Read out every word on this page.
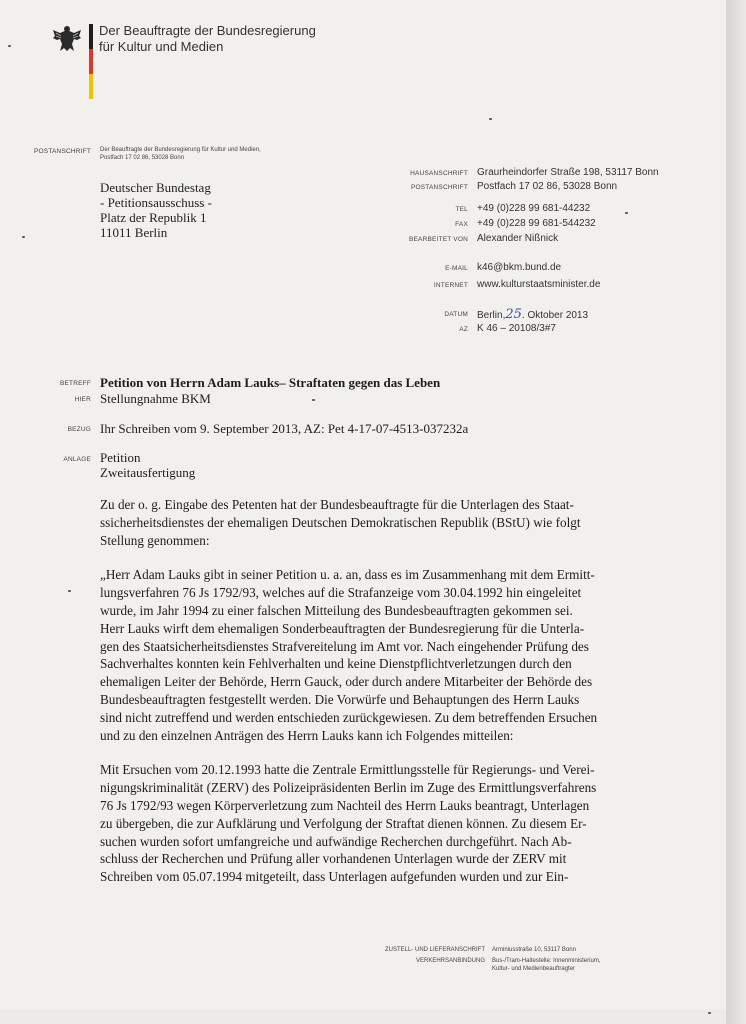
Der Beauftragte der Bundesregierung
für Kultur und Medien
POSTANSCHRIFT Der Beauftragte der Bundesregierung für Kultur und Medien,
Postfach 17 02 86, 53028 Bonn
Deutscher Bundestag
- Petitionsausschuss -
Platz der Republik 1
11011 Berlin
HAUSANSCHRIFT Graurheindorfer Straße 198, 53117 Bonn
POSTANSCHRIFT Postfach 17 02 86, 53028 Bonn
TEL +49 (0)228 99 681-44232
FAX +49 (0)228 99 681-544232
BEARBEITET VON Alexander Nißnick
E-MAIL k46@bkm.bund.de
INTERNET www.kulturstaatsminister.de
DATUM Berlin,25. Oktober 2013
AZ K 46 – 20108/3#7
BETREFF Petition von Herrn Adam Lauks– Straftaten gegen das Leben
HIER Stellungnahme BKM
BEZUG Ihr Schreiben vom 9. September 2013, AZ: Pet 4-17-07-4513-037232a
ANLAGE Petition
Zweitausfertigung
Zu der o. g. Eingabe des Petenten hat der Bundesbeauftragte für die Unterlagen des Staat-
ssicherheitsdienstes der ehemaligen Deutschen Demokratischen Republik (BStU) wie folgt
Stellung genommen:
„Herr Adam Lauks gibt in seiner Petition u. a. an, dass es im Zusammenhang mit dem Ermitt-
lungsverfahren 76 Js 1792/93, welches auf die Strafanzeige vom 30.04.1992 hin eingeleitet
wurde, im Jahr 1994 zu einer falschen Mitteilung des Bundesbeauftragten gekommen sei.
Herr Lauks wirft dem ehemaligen Sonderbeauftragten der Bundesregierung für die Unterla-
gen des Staatsicherheitsdienstes Strafvereitelung im Amt vor. Nach eingehender Prüfung des
Sachverhaltes konnten kein Fehlverhalten und keine Dienstpflichtverletzungen durch den
ehemaligen Leiter der Behörde, Herrn Gauck, oder durch andere Mitarbeiter der Behörde des
Bundesbeauftragten festgestellt werden. Die Vorwürfe und Behauptungen des Herrn Lauks
sind nicht zutreffend und werden entschieden zurückgewiesen. Zu dem betreffenden Ersuchen
und zu den einzelnen Anträgen des Herrn Lauks kann ich Folgendes mitteilen:
Mit Ersuchen vom 20.12.1993 hatte die Zentrale Ermittlungsstelle für Regierungs- und Verei-
nigungskriminalität (ZERV) des Polizeipräsidenten Berlin im Zuge des Ermittlungsverfahrens
76 Js 1792/93 wegen Körperverletzung zum Nachteil des Herrn Lauks beantragt, Unterlagen
zu übergeben, die zur Aufklärung und Verfolgung der Straftat dienen können. Zu diesem Er-
suchen wurden sofort umfangreiche und aufwändige Recherchen durchgeführt. Nach Ab-
schluss der Recherchen und Prüfung aller vorhandenen Unterlagen wurde der ZERV mit
Schreiben vom 05.07.1994 mitgeteilt, dass Unterlagen aufgefunden wurden und zur Ein-
ZUSTELL- UND LIEFERANSCHRIFT Arminiusstraße 10, 53117 Bonn
VERKEHRSANBINDUNG Bus-/Tram-Haltestelle: Innenministerium,
Kultur- und Medienbeauftragter
